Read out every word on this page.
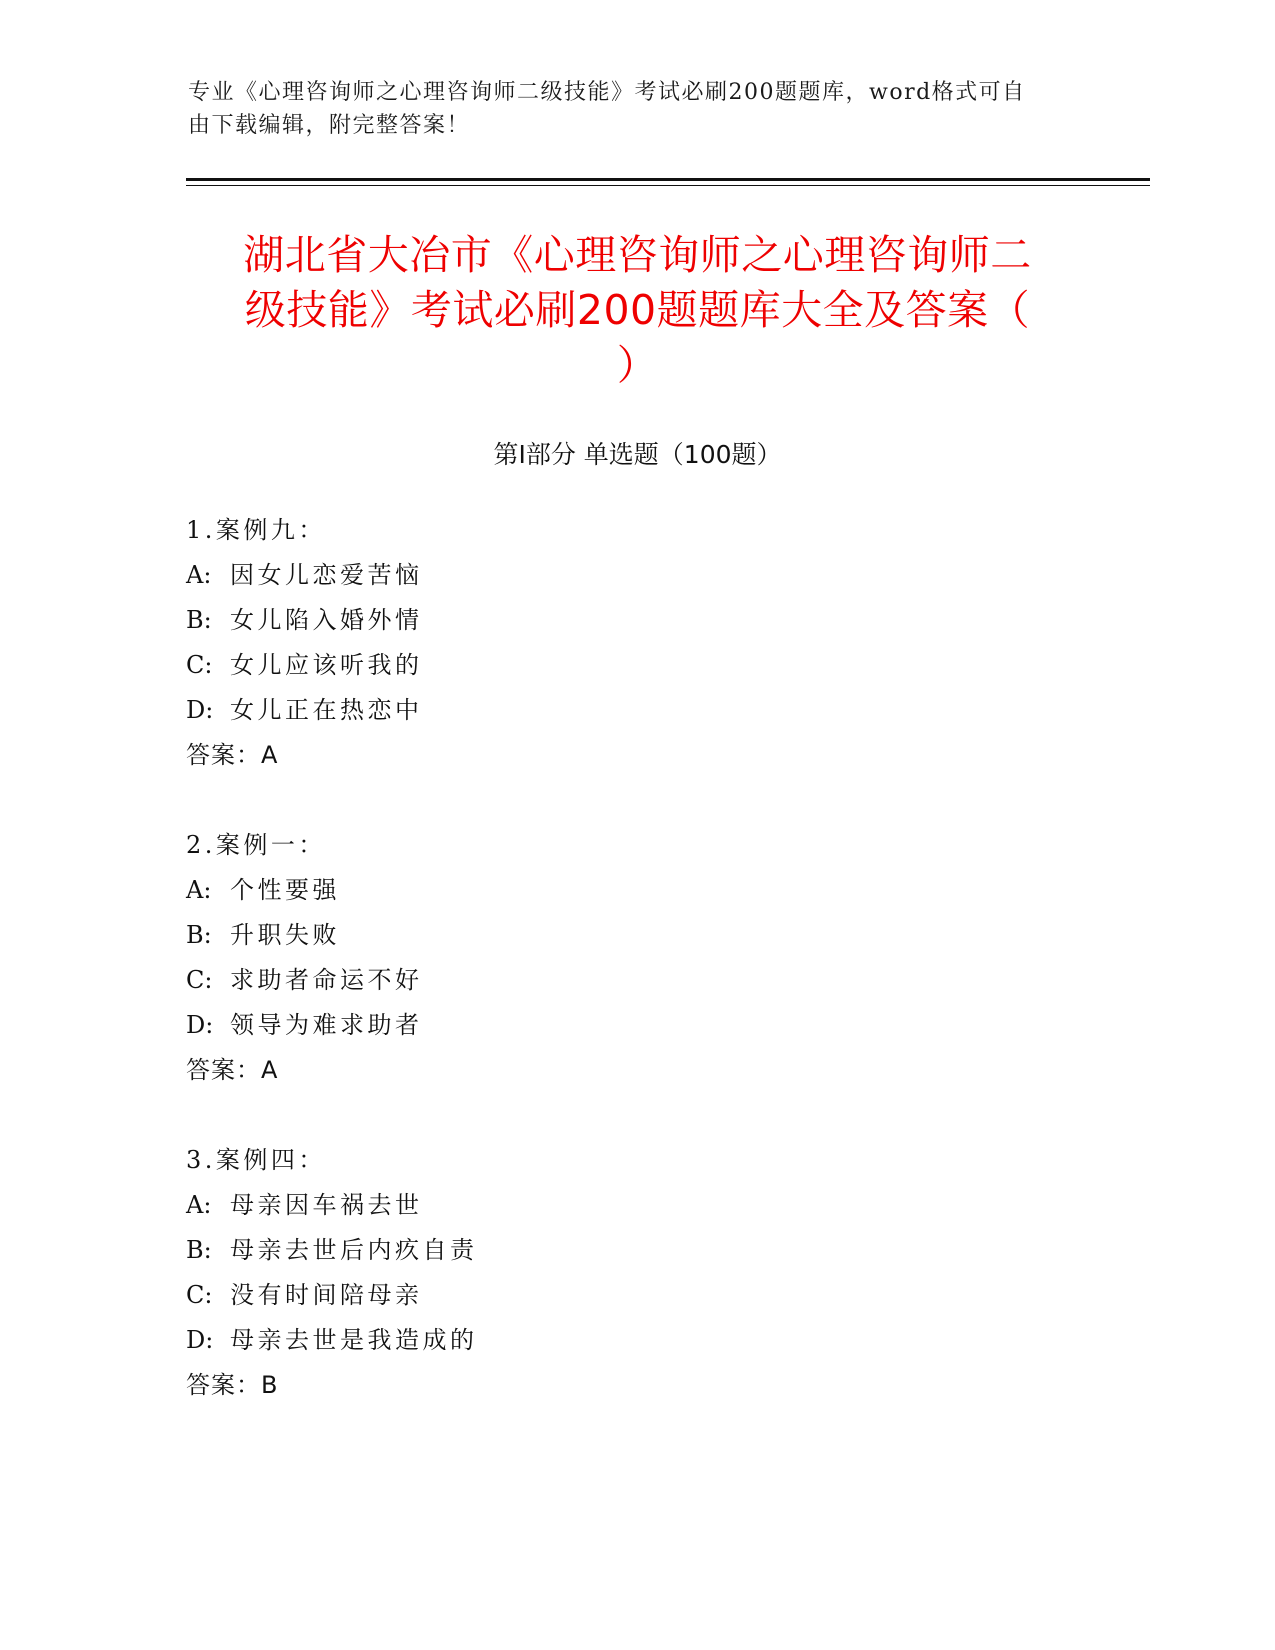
专业《心理咨询师之心理咨询师二级技能》考试必刷200题题库，word格式可自
由下载编辑，附完整答案！
湖北省大冶市《心理咨询师之心理咨询师二
级技能》考试必刷200题题库大全及答案（
）
第I部分 单选题（100题）
1.案例九：
A: 因女儿恋爱苦恼
B: 女儿陷入婚外情
C: 女儿应该听我的
D: 女儿正在热恋中
答案：A
2.案例一：
A: 个性要强
B: 升职失败
C: 求助者命运不好
D: 领导为难求助者
答案：A
3.案例四：
A: 母亲因车祸去世
B: 母亲去世后内疚自责
C: 没有时间陪母亲
D: 母亲去世是我造成的
答案：B
